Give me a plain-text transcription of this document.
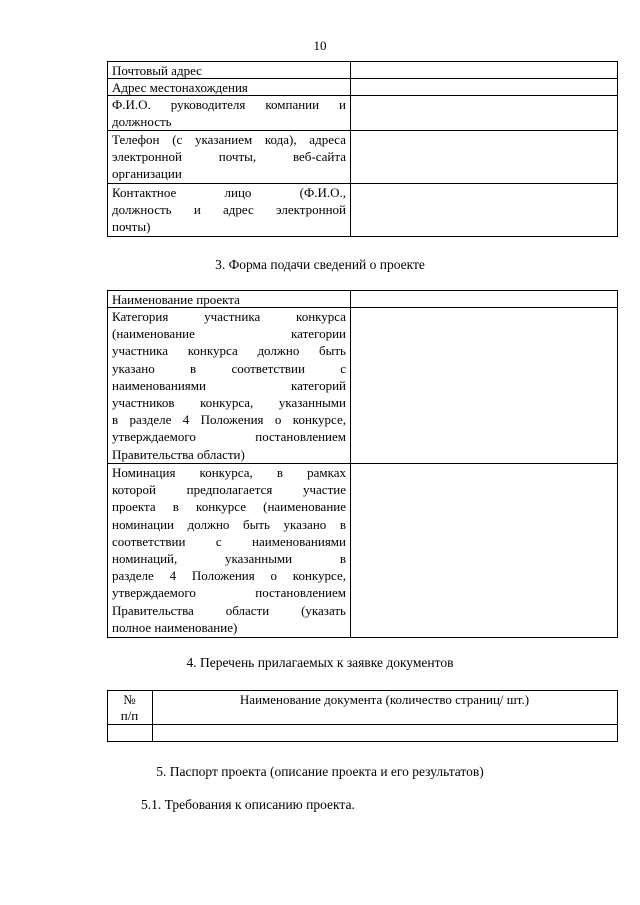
10
Почтовый адрес
Адрес местонахождения
Ф.И.О. руководителя компании и
должность
Телефон (с указанием кода), адреса
электронной почты, веб-сайта
организации
Контактное лицо (Ф.И.О.,
должность и адрес электронной
почты)
3. Форма подачи сведений о проекте
Наименование проекта
Категория участника конкурса
(наименование категории
участника конкурса должно быть
указано в соответствии с
наименованиями категорий
участников конкурса, указанными
в разделе 4 Положения о конкурсе,
утверждаемого постановлением
Правительства области)
Номинация конкурса, в рамках
которой предполагается участие
проекта в конкурсе (наименование
номинации должно быть указано в
соответствии с наименованиями
номинаций, указанными в
разделе 4 Положения о конкурсе,
утверждаемого постановлением
Правительства области (указать
полное наименование)
4. Перечень прилагаемых к заявке документов
№
п/п
Наименование документа (количество страниц/ шт.)
5. Паспорт проекта (описание проекта и его результатов)
5.1. Требования к описанию проекта.
